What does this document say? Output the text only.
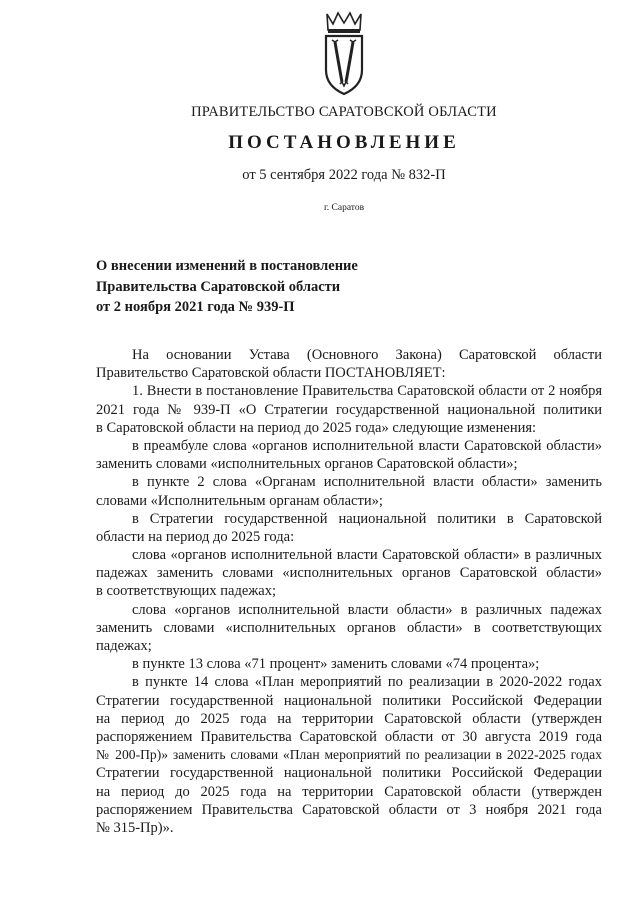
ПРАВИТЕЛЬСТВО САРАТОВСКОЙ ОБЛАСТИ
ПОСТАНОВЛЕНИЕ
от 5 сентября 2022 года № 832-П
г. Саратов
О внесении изменений в постановление
Правительства Саратовской области
от 2 ноября 2021 года № 939-П
На основании Устава (Основного Закона) Саратовской области
Правительство Саратовской области ПОСТАНОВЛЯЕТ:
1. Внести в постановление Правительства Саратовской области от 2 ноября
2021 года № 939-П «О Стратегии государственной национальной политики
в Саратовской области на период до 2025 года» следующие изменения:
в преамбуле слова «органов исполнительной власти Саратовской области»
заменить словами «исполнительных органов Саратовской области»;
в пункте 2 слова «Органам исполнительной власти области» заменить
словами «Исполнительным органам области»;
в Стратегии государственной национальной политики в Саратовской
области на период до 2025 года:
слова «органов исполнительной власти Саратовской области» в различных
падежах заменить словами «исполнительных органов Саратовской области»
в соответствующих падежах;
слова «органов исполнительной власти области» в различных падежах
заменить словами «исполнительных органов области» в соответствующих
падежах;
в пункте 13 слова «71 процент» заменить словами «74 процента»;
в пункте 14 слова «План мероприятий по реализации в 2020-2022 годах
Стратегии государственной национальной политики Российской Федерации
на период до 2025 года на территории Саратовской области (утвержден
распоряжением Правительства Саратовской области от 30 августа 2019 года
№ 200-Пр)» заменить словами «План мероприятий по реализации в 2022-2025 годах
Стратегии государственной национальной политики Российской Федерации
на период до 2025 года на территории Саратовской области (утвержден
распоряжением Правительства Саратовской области от 3 ноября 2021 года
№ 315-Пр)».
